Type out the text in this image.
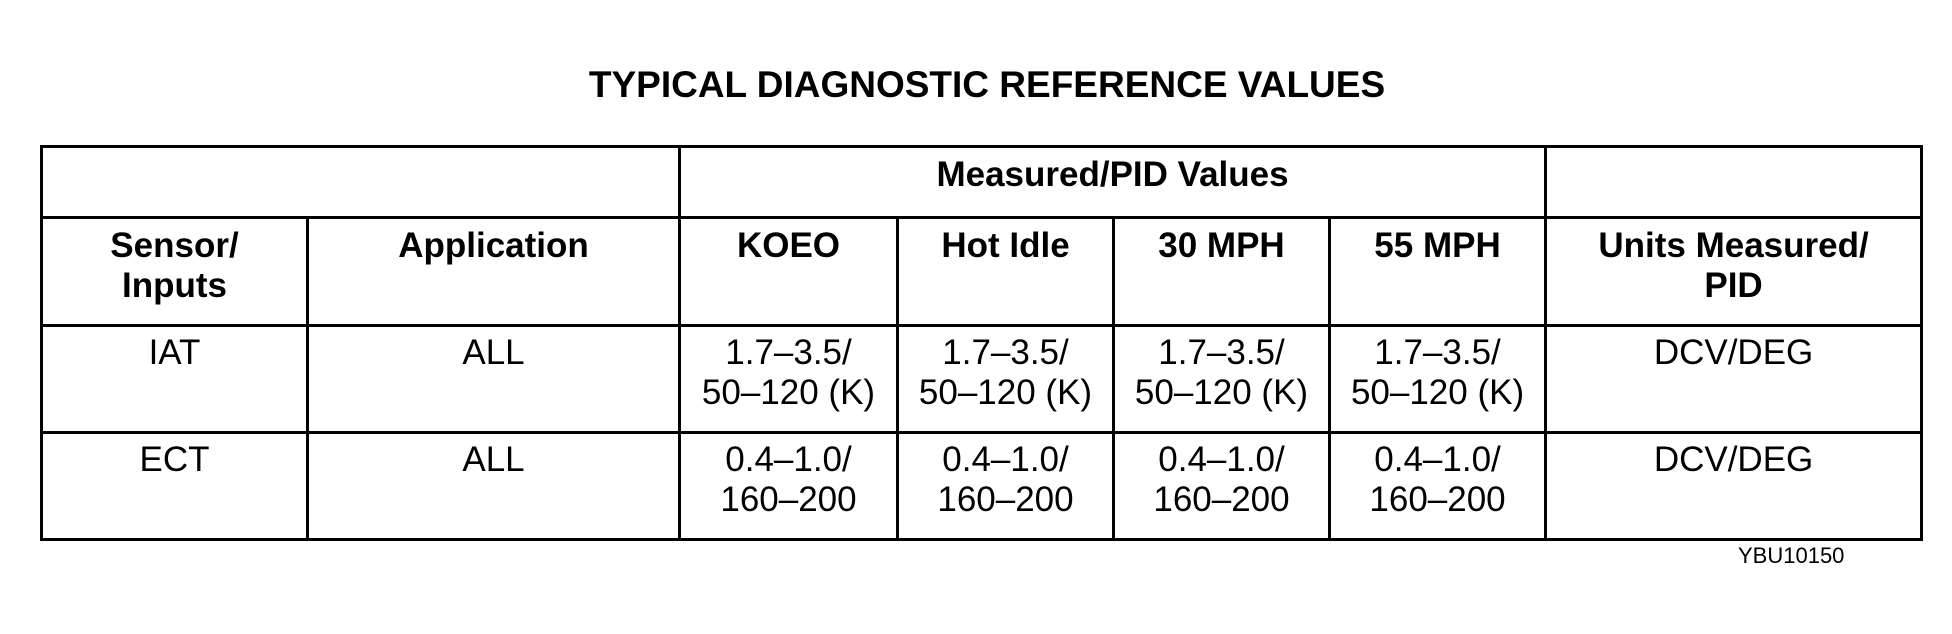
TYPICAL DIAGNOSTIC REFERENCE VALUES
		Measured/PID Values				

Sensor/
Inputs	Application	KOEO	Hot Idle	30 MPH	55 MPH	Units Measured/
PID

IAT	ALL	1.7–3.5/
50–120 (K)	1.7–3.5/
50–120 (K)	1.7–3.5/
50–120 (K)	1.7–3.5/
50–120 (K)	DCV/DEG
ECT	ALL	0.4–1.0/
160–200	0.4–1.0/
160–200	0.4–1.0/
160–200	0.4–1.0/
160–200	DCV/DEG
YBU10150
